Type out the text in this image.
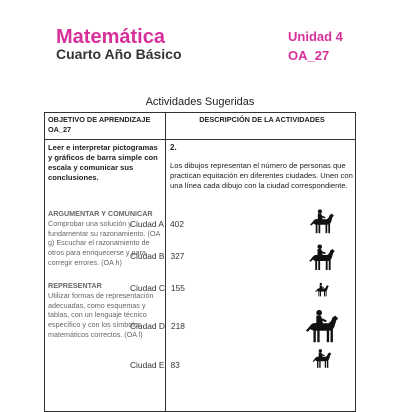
Matemática
Cuarto Año Básico
Unidad 4
OA_27
Actividades Sugeridas
OBJETIVO DE APRENDIZAJE OA_27
DESCRIPCIÓN DE LA ACTIVIDADES
Leer e interpretar pictogramas y gráficos de barra simple con escala y comunicar sus conclusiones.
ARGUMENTAR Y COMUNICAR
Comprobar una solución y fundamentar su razonamiento. (OA g) Escuchar el razonamiento de otros para enriquecerse y para corregir errores. (OA h)
REPRESENTAR
Utilizar formas de representación adecuadas, como esquemas y tablas, con un lenguaje técnico específico y con los símbolos matemáticos correctos. (OA l)
2.
Los dibujos representan el número de personas que practican equitación en diferentes ciudades. Unen con una línea cada dibujo con la ciudad correspondiente.
Ciudad A 402
Ciudad B 327
Ciudad C 155
Ciudad D 218
Ciudad E 83
